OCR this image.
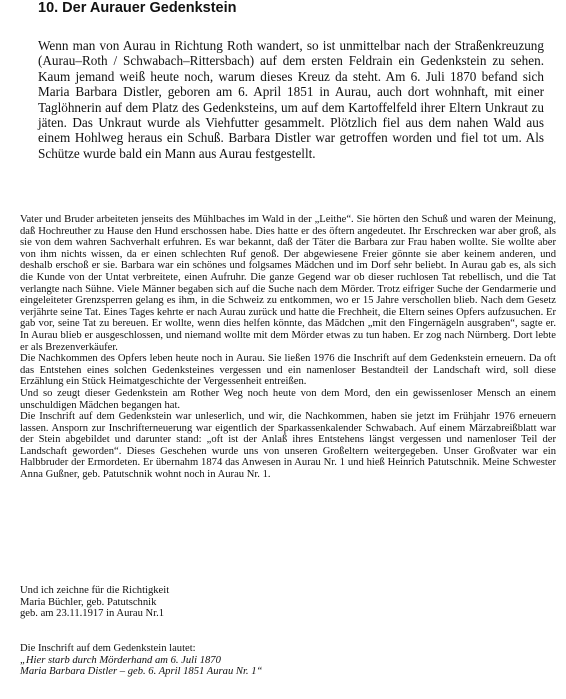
10. Der Aurauer Gedenkstein

Wenn man von Aurau in Richtung Roth wandert, so ist unmittelbar nach der Straßenkreuzung (Aurau–Roth / Schwabach–Rittersbach) auf dem ersten Feldrain ein Gedenkstein zu sehen. Kaum jemand weiß heute noch, warum dieses Kreuz da steht. Am 6. Juli 1870 befand sich Maria Barbara Distler, geboren am 6. April 1851 in Aurau, auch dort wohnhaft, mit einer Taglöhnerin auf dem Platz des Gedenksteins, um auf dem Kartoffelfeld ihrer Eltern Unkraut zu jäten. Das Unkraut wurde als Viehfutter gesammelt. Plötzlich fiel aus dem nahen Wald aus einem Hohlweg heraus ein Schuß. Barbara Distler war getroffen worden und fiel tot um. Als Schütze wurde bald ein Mann aus Aurau festgestellt.

Vater und Bruder arbeiteten jenseits des Mühlbaches im Wald in der „Leithe“. Sie hörten den Schuß und waren der Meinung, daß Hochreuther zu Hause den Hund erschossen habe. Dies hatte er des öftern angedeutet. Ihr Erschrecken war aber groß, als sie von dem wahren Sachverhalt erfuhren. Es war bekannt, daß der Täter die Barbara zur Frau haben wollte. Sie wollte aber von ihm nichts wissen, da er einen schlechten Ruf genoß. Der abgewiesene Freier gönnte sie aber keinem anderen, und deshalb erschoß er sie. Barbara war ein schönes und folgsames Mädchen und im Dorf sehr beliebt. In Aurau gab es, als sich die Kunde von der Untat verbreitete, einen Aufruhr. Die ganze Gegend war ob dieser ruchlosen Tat rebellisch, und die Tat verlangte nach Sühne. Viele Männer begaben sich auf die Suche nach dem Mörder. Trotz eifriger Suche der Gendarmerie und eingeleiteter Grenzsperren gelang es ihm, in die Schweiz zu entkommen, wo er 15 Jahre verschollen blieb. Nach dem Gesetz verjährte seine Tat. Eines Tages kehrte er nach Aurau zurück und hatte die Frechheit, die Eltern seines Opfers aufzusuchen. Er gab vor, seine Tat zu bereuen. Er wollte, wenn dies helfen könnte, das Mädchen „mit den Fingernägeln ausgraben“, sagte er. In Aurau blieb er ausgeschlossen, und niemand wollte mit dem Mörder etwas zu tun haben. Er zog nach Nürnberg. Dort lebte er als Brezenverkäufer.

Die Nachkommen des Opfers leben heute noch in Aurau. Sie ließen 1976 die Inschrift auf dem Gedenkstein erneuern. Da oft das Entstehen eines solchen Gedenksteines vergessen und ein namenloser Bestandteil der Landschaft wird, soll diese Erzählung ein Stück Heimatgeschichte der Vergessenheit entreißen.

Und so zeugt dieser Gedenkstein am Rother Weg noch heute von dem Mord, den ein gewissenloser Mensch an einem unschuldigen Mädchen begangen hat.

Die Inschrift auf dem Gedenkstein war unleserlich, und wir, die Nachkommen, haben sie jetzt im Frühjahr 1976 erneuern lassen. Ansporn zur Inschrifterneuerung war eigentlich der Sparkassenkalender Schwabach. Auf einem Märzabreißblatt war der Stein abgebildet und darunter stand: „oft ist der Anlaß ihres Entstehens längst vergessen und namenloser Teil der Landschaft geworden“. Dieses Geschehen wurde uns von unseren Großeltern weitergegeben. Unser Großvater war ein Halbbruder der Ermordeten. Er übernahm 1874 das Anwesen in Aurau Nr. 1 und hieß Heinrich Patutschnik. Meine Schwester Anna Gußner, geb. Patutschnik wohnt noch in Aurau Nr. 1.

Und ich zeichne für die Richtigkeit
Maria Büchler, geb. Patutschnik
geb. am 23.11.1917 in Aurau Nr.1
Die Inschrift auf dem Gedenkstein lautet:
„Hier starb durch Mörderhand am 6. Juli 1870
Maria Barbara Distler – geb. 6. April 1851 Aurau Nr. 1“
